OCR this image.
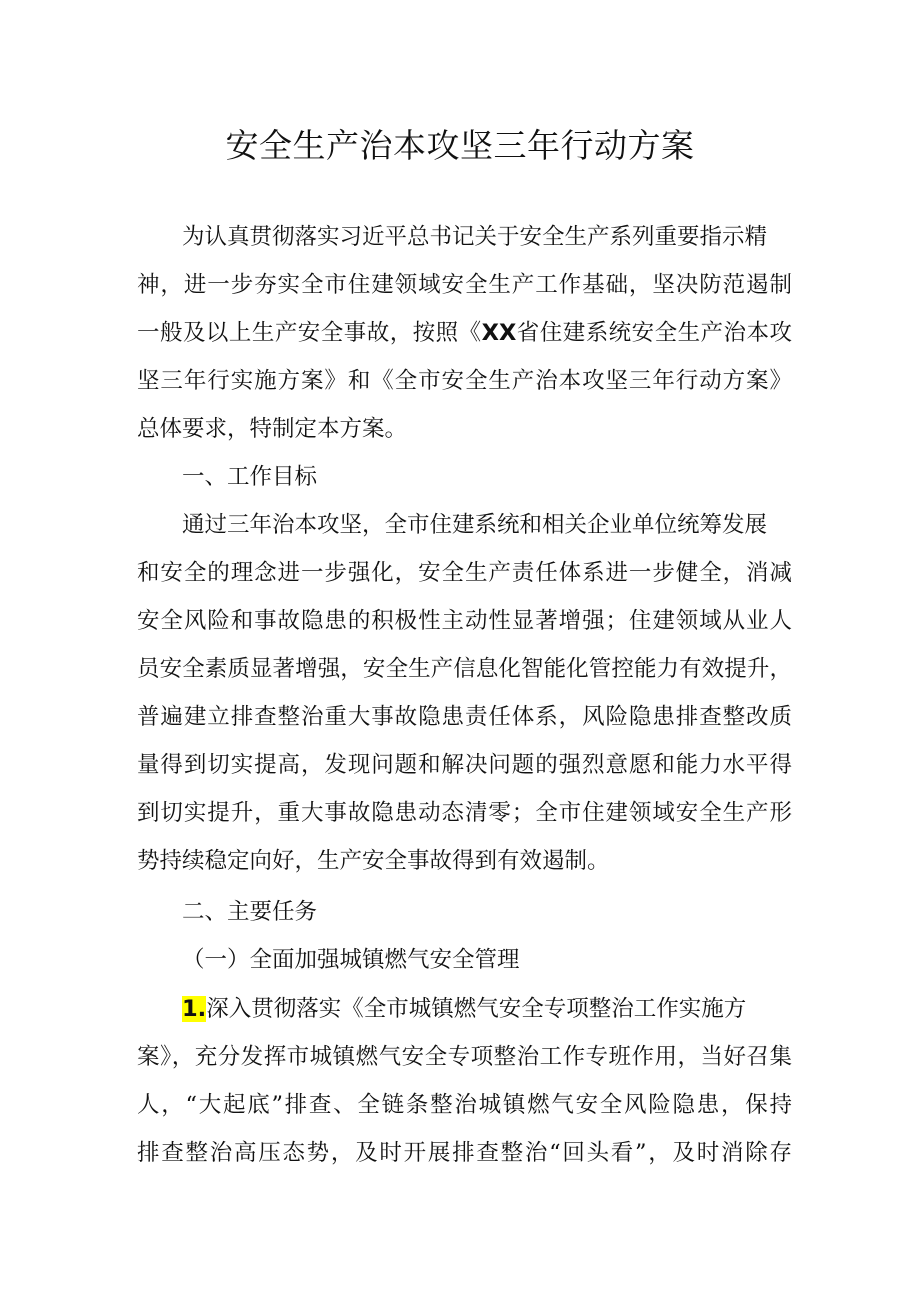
安全生产治本攻坚三年行动方案
为认真贯彻落实习近平总书记关于安全生产系列重要指示精
神，进一步夯实全市住建领域安全生产工作基础，坚决防范遏制
一般及以上生产安全事故，按照《XX省住建系统安全生产治本攻
坚三年行实施方案》和《全市安全生产治本攻坚三年行动方案》
总体要求，特制定本方案。
一、工作目标
通过三年治本攻坚，全市住建系统和相关企业单位统筹发展
和安全的理念进一步强化，安全生产责任体系进一步健全，消减
安全风险和事故隐患的积极性主动性显著增强；住建领域从业人
员安全素质显著增强，安全生产信息化智能化管控能力有效提升，
普遍建立排查整治重大事故隐患责任体系，风险隐患排查整改质
量得到切实提高，发现问题和解决问题的强烈意愿和能力水平得
到切实提升，重大事故隐患动态清零；全市住建领域安全生产形
势持续稳定向好，生产安全事故得到有效遏制。
二、主要任务
（一）全面加强城镇燃气安全管理
1.深入贯彻落实《全市城镇燃气安全专项整治工作实施方
案》，充分发挥市城镇燃气安全专项整治工作专班作用，当好召集
人，“大起底”排查、全链条整治城镇燃气安全风险隐患，保持
排查整治高压态势，及时开展排查整治“回头看”，及时消除存
